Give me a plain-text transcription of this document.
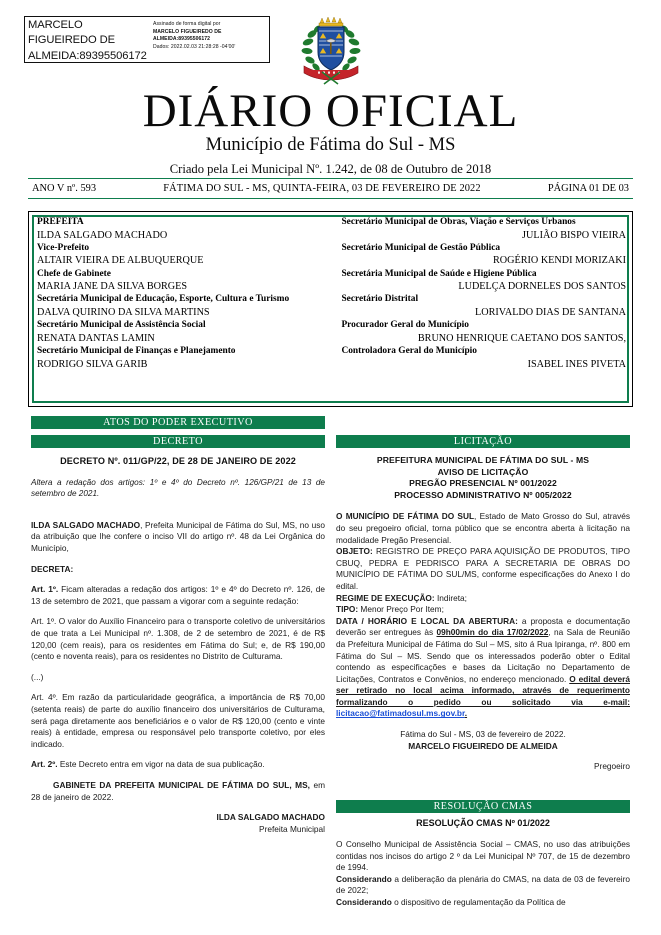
MARCELO FIGUEIREDO DE ALMEIDA:89395506172
Assinado de forma digital por
MARCELO FIGUEIREDO DE
ALMEIDA:89395506172
Dados: 2022.02.03 21:28:28 -04'00'
DIÁRIO OFICIAL
Município de Fátima do Sul - MS
Criado pela Lei Municipal Nº. 1.242, de 08 de Outubro de 2018
ANO V nº. 593	FÁTIMA DO SUL - MS, QUINTA-FEIRA, 03 DE FEVEREIRO DE 2022	PÁGINA 01 DE 03
PREFEITA
ILDA SALGADO MACHADO
Vice-Prefeito
ALTAIR VIEIRA DE ALBUQUERQUE
Chefe de Gabinete
MARIA JANE DA SILVA BORGES
Secretária Municipal de Educação, Esporte, Cultura e Turismo
DALVA QUIRINO DA SILVA MARTINS
Secretário Municipal de Assistência Social
RENATA DANTAS LAMIN
Secretário Municipal de Finanças e Planejamento
RODRIGO SILVA GARIB
Secretário Municipal de Obras, Viação e Serviços Urbanos
JULIÃO BISPO VIEIRA
Secretário Municipal de Gestão Pública
ROGÉRIO KENDI MORIZAKI
Secretária Municipal de Saúde e Higiene Pública
LUDELÇA DORNELES DOS SANTOS
Secretário Distrital
LORIVALDO DIAS DE SANTANA
Procurador Geral do Município
BRUNO HENRIQUE CAETANO DOS SANTOS,
Controladora Geral do Município
ISABEL INES PIVETA
ATOS DO PODER EXECUTIVO
DECRETO	LICITAÇÃO
DECRETO Nº. 011/GP/22, DE 28 DE JANEIRO DE 2022
Altera a redação dos artigos: 1º e 4º do Decreto nº. 126/GP/21 de 13 de setembro de 2021.

ILDA SALGADO MACHADO, Prefeita Municipal de Fátima do Sul, MS, no uso da atribuição que lhe confere o inciso VII do artigo nº. 48 da Lei Orgânica do Município,

DECRETA:

Art. 1º. Ficam alteradas a redação dos artigos: 1º e 4º do Decreto nº. 126, de 13 de setembro de 2021, que passam a vigorar com a seguinte redação:

Art. 1º. O valor do Auxílio Financeiro para o transporte coletivo de universitários de que trata a Lei Municipal nº. 1.308, de 2 de setembro de 2021, é de R$ 120,00 (cem reais), para os residentes em Fátima do Sul; e, de R$ 190,00 (cento e noventa reais), para os residentes no Distrito de Culturama.

(...)

Art. 4º. Em razão da particularidade geográfica, a importância de R$ 70,00 (setenta reais) de parte do auxílio financeiro dos universitários de Culturama, será paga diretamente aos beneficiários e o valor de R$ 120,00 (cento e vinte reais) à entidade, empresa ou responsável pelo transporte coletivo, por eles indicado.

Art. 2º. Este Decreto entra em vigor na data de sua publicação.

GABINETE DA PREFEITA MUNICIPAL DE FÁTIMA DO SUL, MS, em 28 de janeiro de 2022.

ILDA SALGADO MACHADO
Prefeita Municipal
PREFEITURA MUNICIPAL DE FÁTIMA DO SUL - MS
AVISO DE LICITAÇÃO
PREGÃO PRESENCIAL Nº 001/2022
PROCESSO ADMINISTRATIVO Nº 005/2022

O MUNICÍPIO DE FÁTIMA DO SUL, Estado de Mato Grosso do Sul, através do seu pregoeiro oficial, torna público que se encontra aberta à licitação na modalidade Pregão Presencial.

OBJETO: REGISTRO DE PREÇO PARA AQUISIÇÃO DE PRODUTOS, TIPO CBUQ, PEDRA E PEDRISCO PARA A SECRETARIA DE OBRAS DO MUNICÍPIO DE FÁTIMA DO SUL/MS, conforme especificações do Anexo I do edital.

REGIME DE EXECUÇÃO: Indireta;

TIPO: Menor Preço Por Item;

DATA / HORÁRIO E LOCAL DA ABERTURA: a proposta e documentação deverão ser entregues às 09h00min do dia 17/02/2022, na Sala de Reunião da Prefeitura Municipal de Fátima do Sul – MS, sito á Rua Ipiranga, nº. 800 em Fátima do Sul – MS. Sendo que os interessados poderão obter o Edital contendo as especificações e bases da Licitação no Departamento de Licitações, Contratos e Convênios, no endereço mencionado. O edital deverá ser retirado no local acima informado, através de requerimento formalizando o pedido ou solicitado via e-mail: licitacao@fatimadosul.ms.gov.br.

Fátima do Sul - MS, 03 de fevereiro de 2022.
MARCELO FIGUEIREDO DE ALMEIDA
Pregoeiro
RESOLUÇÃO CMAS
RESOLUÇÃO CMAS Nº 01/2022

O Conselho Municipal de Assistência Social – CMAS, no uso das atribuições contidas nos incisos do artigo 2 º da Lei Municipal Nº 707, de 15 de dezembro de 1994.

Considerando a deliberação da plenária do CMAS, na data de 03 de fevereiro de 2022;

Considerando o dispositivo de regulamentação da Política de
